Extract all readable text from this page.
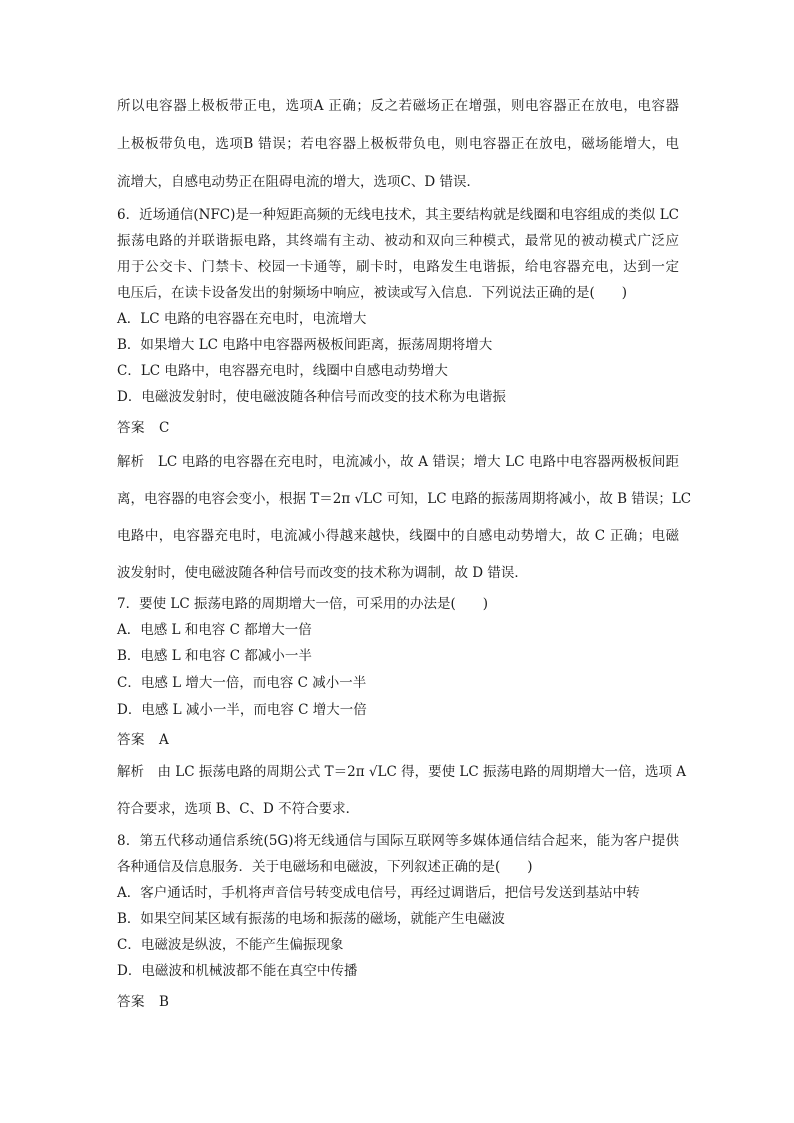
所以电容器上极板带正电，选项A 正确；反之若磁场正在增强，则电容器正在放电，电容器
上极板带负电，选项B 错误；若电容器上极板带负电，则电容器正在放电，磁场能增大，电
流增大，自感电动势正在阻碍电流的增大，选项C、D 错误．
6．近场通信(NFC)是一种短距高频的无线电技术，其主要结构就是线圈和电容组成的类似 LC
振荡电路的并联谐振电路，其终端有主动、被动和双向三种模式，最常见的被动模式广泛应
用于公交卡、门禁卡、校园一卡通等，刷卡时，电路发生电谐振，给电容器充电，达到一定
电压后，在读卡设备发出的射频场中响应，被读或写入信息．下列说法正确的是(　　)
A．LC 电路的电容器在充电时，电流增大
B．如果增大 LC 电路中电容器两极板间距离，振荡周期将增大
C．LC 电路中，电容器充电时，线圈中自感电动势增大
D．电磁波发射时，使电磁波随各种信号而改变的技术称为电谐振
答案　C
解析　LC 电路的电容器在充电时，电流减小，故 A 错误；增大 LC 电路中电容器两极板间距
离，电容器的电容会变小，根据 T＝2π √LC 可知，LC 电路的振荡周期将减小，故 B 错误；LC
电路中，电容器充电时，电流减小得越来越快，线圈中的自感电动势增大，故 C 正确；电磁
波发射时，使电磁波随各种信号而改变的技术称为调制，故 D 错误．
7．要使 LC 振荡电路的周期增大一倍，可采用的办法是(　　)
A．电感 L 和电容 C 都增大一倍
B．电感 L 和电容 C 都减小一半
C．电感 L 增大一倍，而电容 C 减小一半
D．电感 L 减小一半，而电容 C 增大一倍
答案　A
解析　由 LC 振荡电路的周期公式 T＝2π √LC 得，要使 LC 振荡电路的周期增大一倍，选项 A
符合要求，选项 B、C、D 不符合要求．
8．第五代移动通信系统(5G)将无线通信与国际互联网等多媒体通信结合起来，能为客户提供
各种通信及信息服务．关于电磁场和电磁波，下列叙述正确的是(　　)
A．客户通话时，手机将声音信号转变成电信号，再经过调谐后，把信号发送到基站中转
B．如果空间某区域有振荡的电场和振荡的磁场，就能产生电磁波
C．电磁波是纵波，不能产生偏振现象
D．电磁波和机械波都不能在真空中传播
答案　B
